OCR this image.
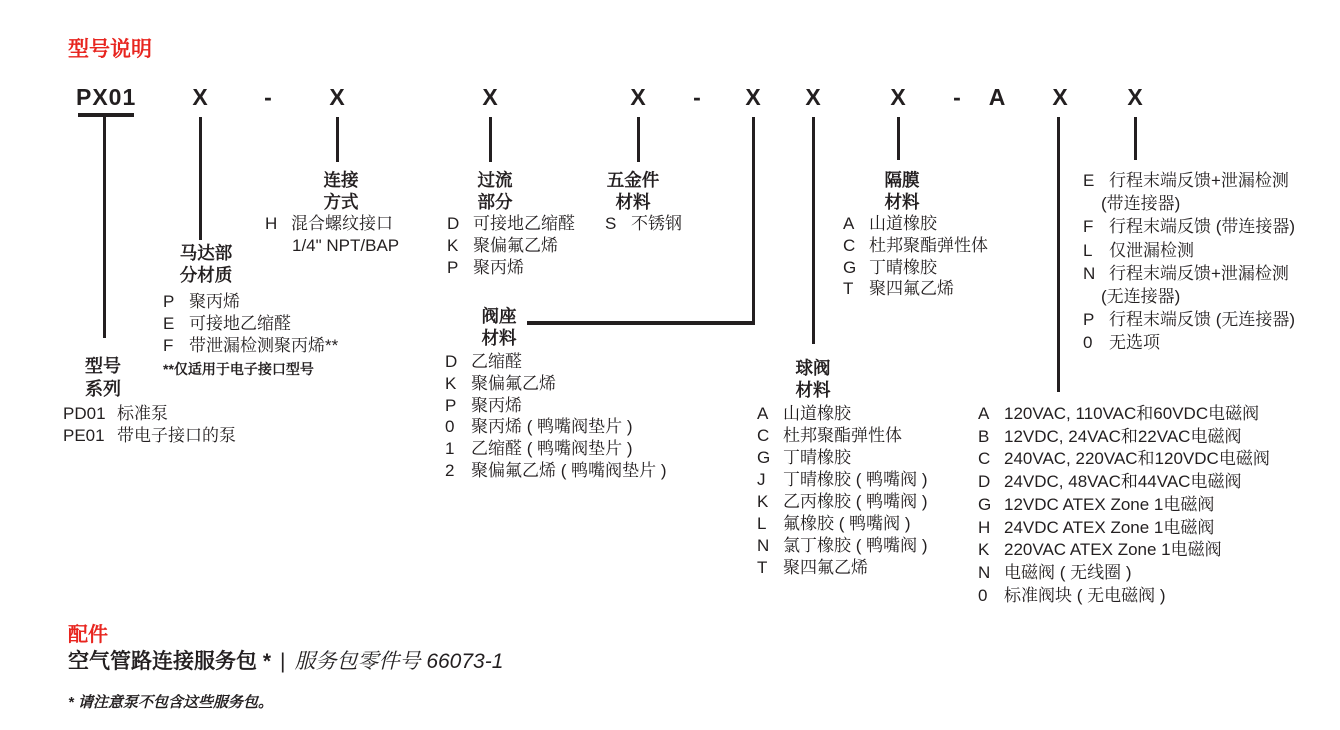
型号说明
PX01	X	-	X	X	X	-	X	X	X	-	A	X	X
连接
方式
过流
部分
五金件
材料
隔膜
材料
马达部
分材质
阀座
材料
球阀
材料
型号
系列
H 混合螺纹接口
1/4" NPT/BAP
D 可接地乙缩醛
K 聚偏氟乙烯
P 聚丙烯
S 不锈钢	A 山道橡胶
C 杜邦聚酯弹性体
G 丁晴橡胶
T 聚四氟乙烯
E 行程末端反馈+泄漏检测
(带连接器)
F 行程末端反馈 (带连接器)
L 仅泄漏检测
N 行程末端反馈+泄漏检测
(无连接器)
P 行程末端反馈 (无连接器)
0 无选项
P 聚丙烯
E 可接地乙缩醛
F 带泄漏检测聚丙烯**
**仅适用于电子接口型号
PD01 标准泵
PE01 带电子接口的泵
D 乙缩醛
K 聚偏氟乙烯
P 聚丙烯
0 聚丙烯 ( 鸭嘴阀垫片 )
1 乙缩醛 ( 鸭嘴阀垫片 )
2 聚偏氟乙烯 ( 鸭嘴阀垫片 )
A 山道橡胶
C 杜邦聚酯弹性体
G 丁晴橡胶
J 丁晴橡胶 ( 鸭嘴阀 )
K 乙丙橡胶 ( 鸭嘴阀 )
L 氟橡胶 ( 鸭嘴阀 )
N 氯丁橡胶 ( 鸭嘴阀 )
T 聚四氟乙烯
A 120VAC, 110VAC和60VDC电磁阀
B 12VDC, 24VAC和22VAC电磁阀
C 240VAC, 220VAC和120VDC电磁阀
D 24VDC, 48VAC和44VAC电磁阀
G 12VDC ATEX Zone 1电磁阀
H 24VDC ATEX Zone 1电磁阀
K 220VAC ATEX Zone 1电磁阀
N 电磁阀 ( 无线圈 )
0 标准阀块 ( 无电磁阀 )
配件
空气管路连接服务包 * | 服务包零件号 66073-1
* 请注意泵不包含这些服务包。
